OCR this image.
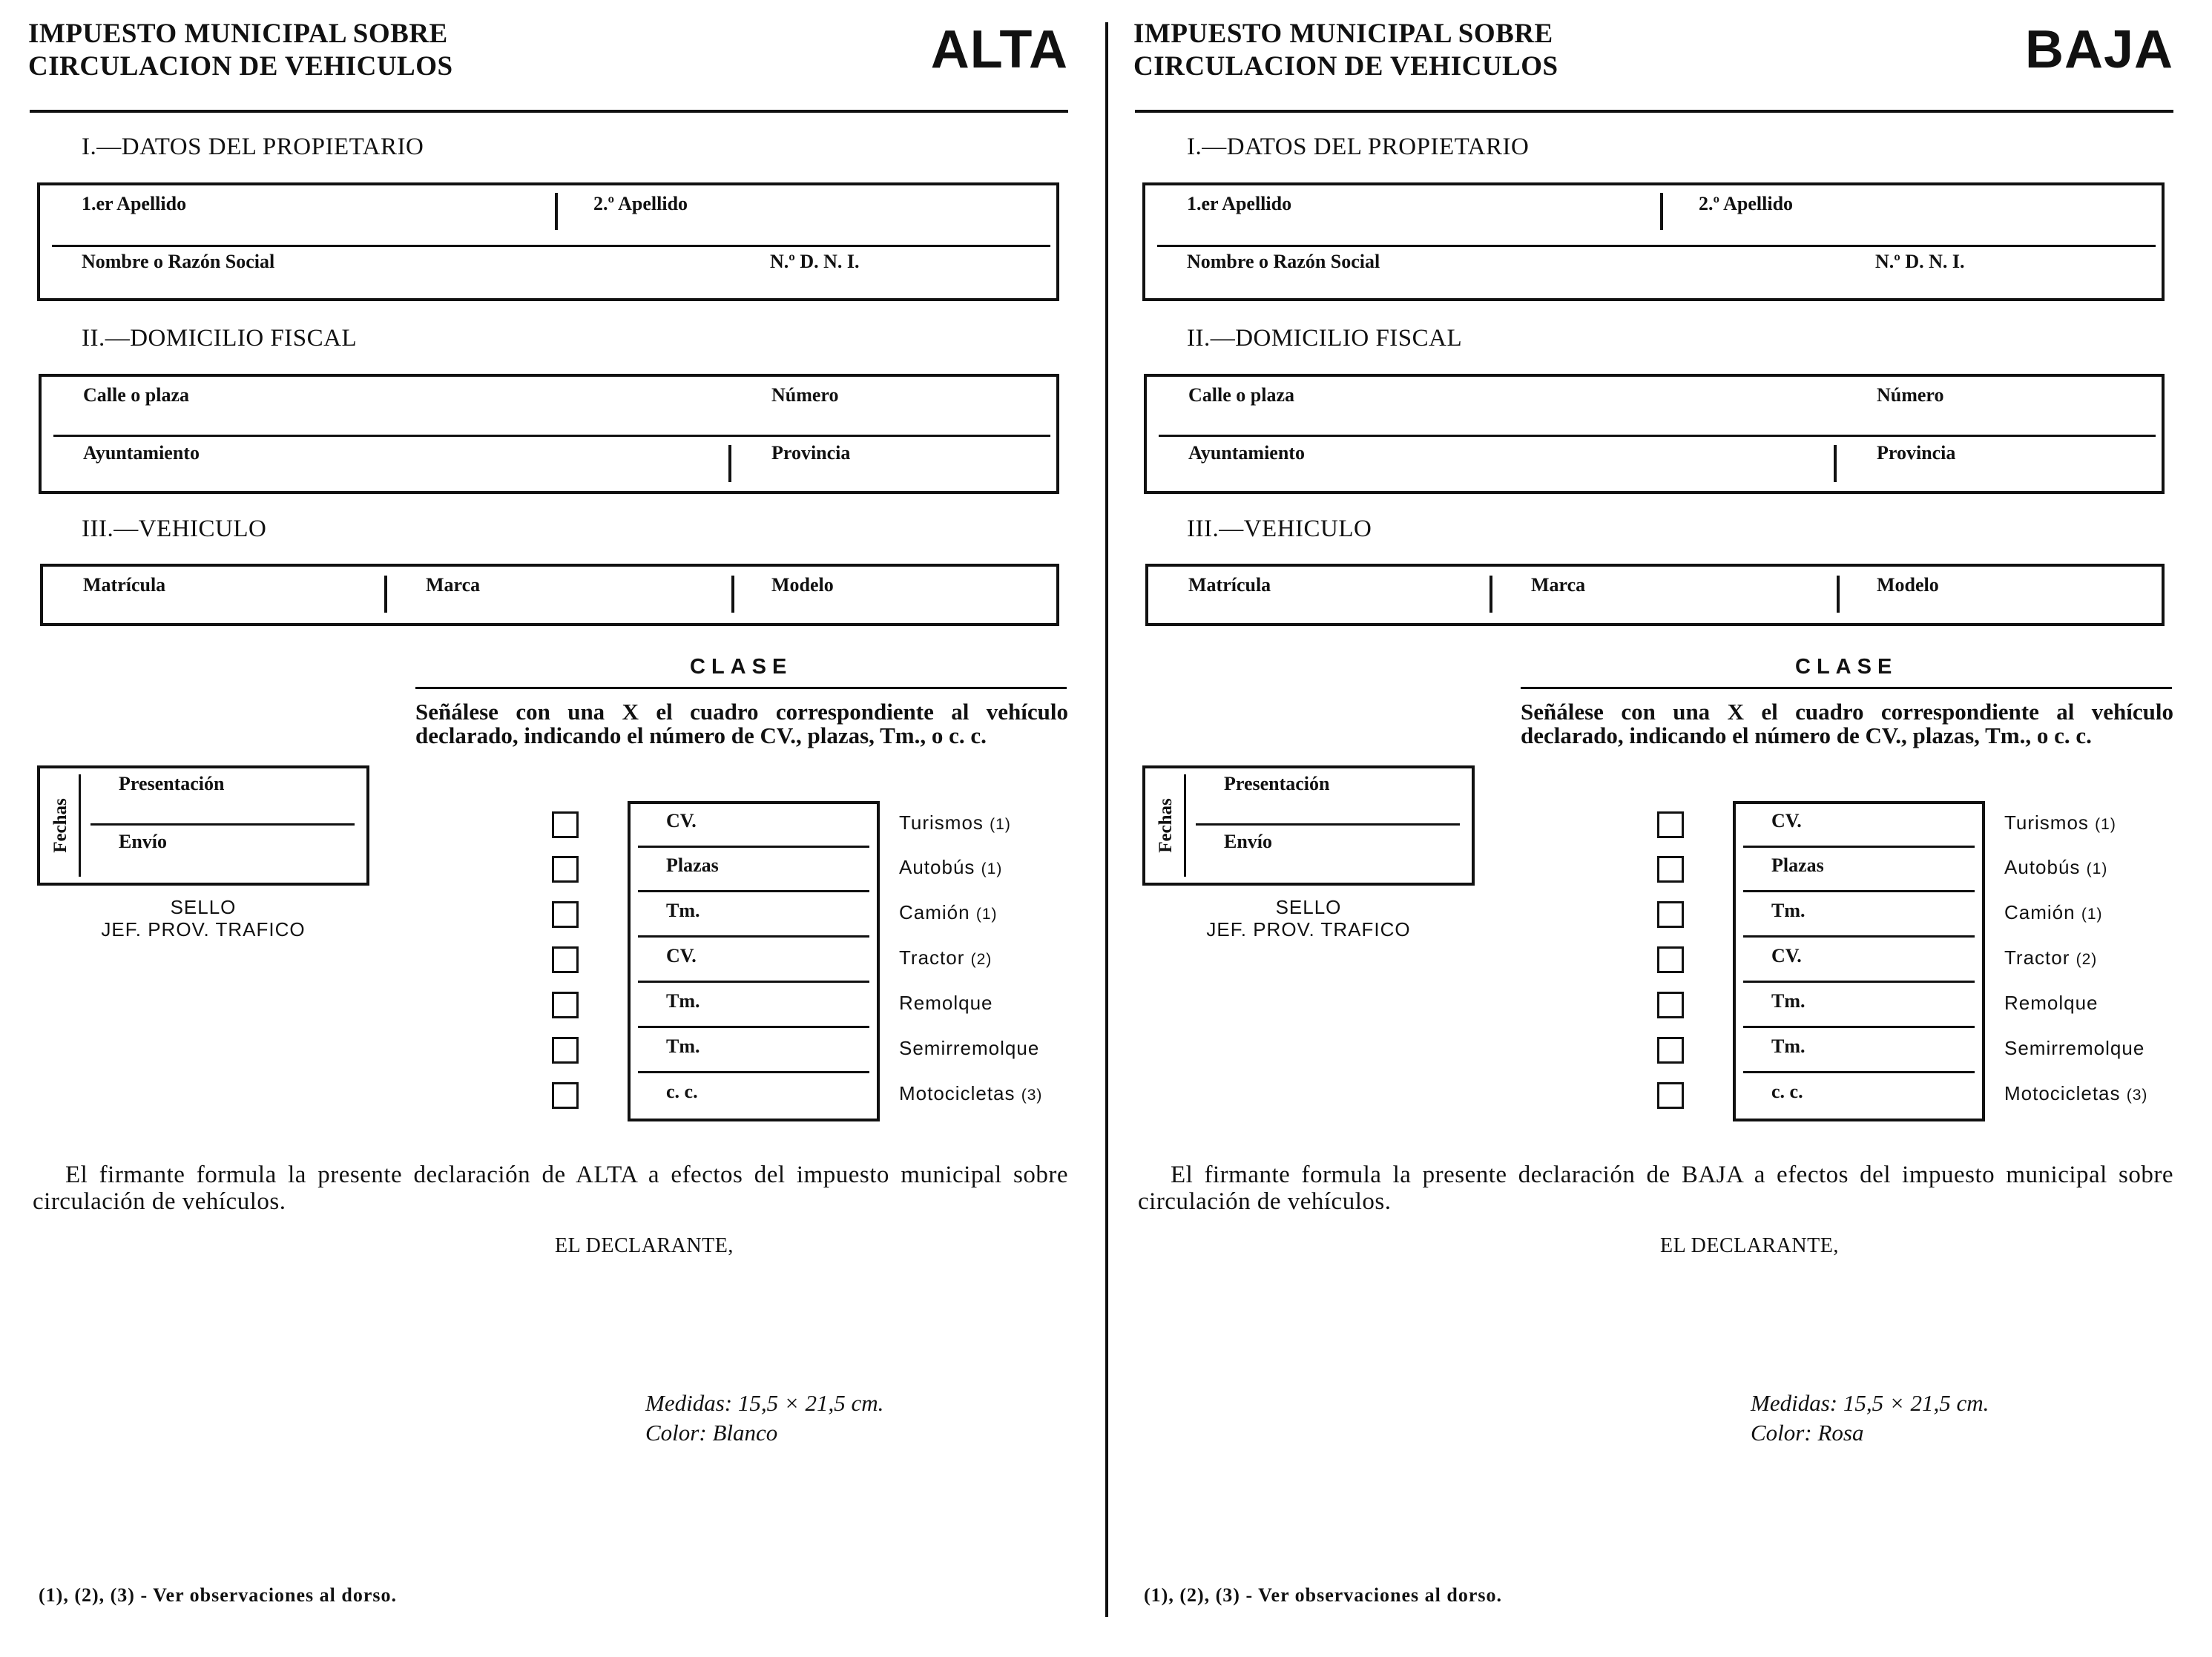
IMPUESTO MUNICIPAL SOBRE
CIRCULACION DE VEHICULOS	ALTA
I.—DATOS DEL PROPIETARIO
1.er Apellido	2.º Apellido
Nombre o Razón Social	N.º D. N. I.
II.—DOMICILIO FISCAL
Calle o plaza	Número
Ayuntamiento	Provincia
III.—VEHICULO
Matrícula	Marca	Modelo
CLASE
Señálese con una X el cuadro correspondiente al vehículo declarado, indicando el número de CV., plazas, Tm., o c. c.
Fechas
Presentación
Envío
SELLO
JEF. PROV. TRAFICO
CV.	Turismos (1)
Plazas	Autobús (1)
Tm.	Camión (1)
CV.	Tractor (2)
Tm.	Remolque
Tm.	Semirremolque
c. c.	Motocicletas (3)
El firmante formula la presente declaración de ALTA a efectos del impuesto municipal sobre circulación de vehículos.
EL DECLARANTE,
Medidas: 15,5 × 21,5 cm.
Color: Blanco
(1), (2), (3) - Ver observaciones al dorso.
IMPUESTO MUNICIPAL SOBRE
CIRCULACION DE VEHICULOS	BAJA
I.—DATOS DEL PROPIETARIO
1.er Apellido	2.º Apellido
Nombre o Razón Social	N.º D. N. I.
II.—DOMICILIO FISCAL
Calle o plaza	Número
Ayuntamiento	Provincia
III.—VEHICULO
Matrícula	Marca	Modelo
CLASE
Señálese con una X el cuadro correspondiente al vehículo declarado, indicando el número de CV., plazas, Tm., o c. c.
Fechas
Presentación
Envío
SELLO
JEF. PROV. TRAFICO
CV.	Turismos (1)
Plazas	Autobús (1)
Tm.	Camión (1)
CV.	Tractor (2)
Tm.	Remolque
Tm.	Semirremolque
c. c.	Motocicletas (3)
El firmante formula la presente declaración de BAJA a efectos del impuesto municipal sobre circulación de vehículos.
EL DECLARANTE,
Medidas: 15,5 × 21,5 cm.
Color: Rosa
(1), (2), (3) - Ver observaciones al dorso.
